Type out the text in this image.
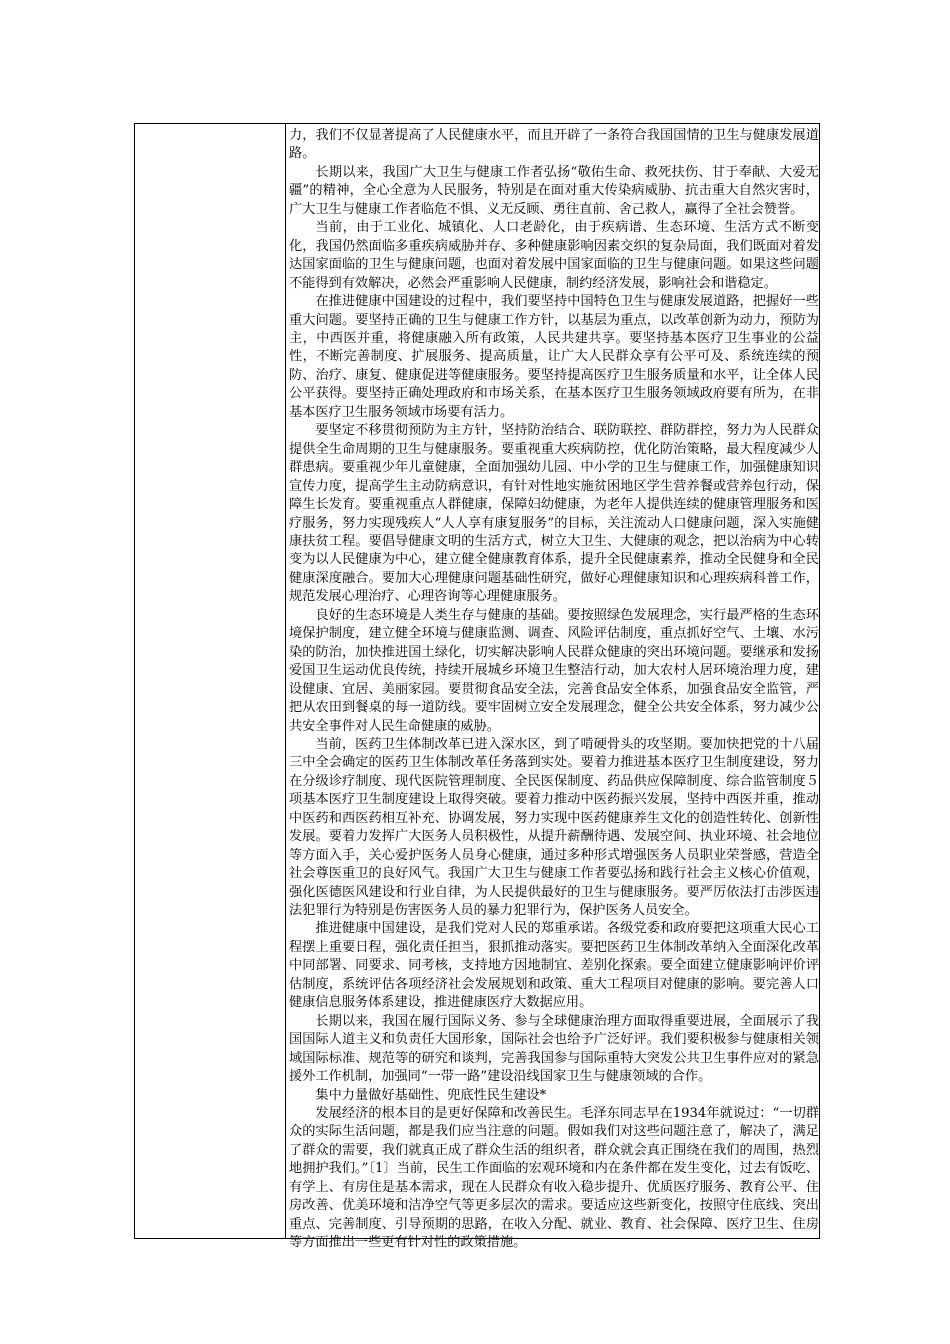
力，我们不仅显著提高了人民健康水平，而且开辟了一条符合我国国情的卫生与健康发展道路。

长期以来，我国广大卫生与健康工作者弘扬“敬佑生命、救死扶伤、甘于奉献、大爱无疆”的精神，全心全意为人民服务，特别是在面对重大传染病威胁、抗击重大自然灾害时，广大卫生与健康工作者临危不惧、义无反顾、勇往直前、舍己救人，赢得了全社会赞誉。

当前，由于工业化、城镇化、人口老龄化，由于疾病谱、生态环境、生活方式不断变化，我国仍然面临多重疾病威胁并存、多种健康影响因素交织的复杂局面，我们既面对着发达国家面临的卫生与健康问题，也面对着发展中国家面临的卫生与健康问题。如果这些问题不能得到有效解决，必然会严重影响人民健康，制约经济发展，影响社会和谐稳定。

在推进健康中国建设的过程中，我们要坚持中国特色卫生与健康发展道路，把握好一些重大问题。要坚持正确的卫生与健康工作方针，以基层为重点，以改革创新为动力，预防为主，中西医并重，将健康融入所有政策，人民共建共享。要坚持基本医疗卫生事业的公益性，不断完善制度、扩展服务、提高质量，让广大人民群众享有公平可及、系统连续的预防、治疗、康复、健康促进等健康服务。要坚持提高医疗卫生服务质量和水平，让全体人民公平获得。要坚持正确处理政府和市场关系，在基本医疗卫生服务领域政府要有所为，在非基本医疗卫生服务领域市场要有活力。

要坚定不移贯彻预防为主方针，坚持防治结合、联防联控、群防群控，努力为人民群众提供全生命周期的卫生与健康服务。要重视重大疾病防控，优化防治策略，最大程度减少人群患病。要重视少年儿童健康，全面加强幼儿园、中小学的卫生与健康工作，加强健康知识宣传力度，提高学生主动防病意识，有针对性地实施贫困地区学生营养餐或营养包行动，保障生长发育。要重视重点人群健康，保障妇幼健康，为老年人提供连续的健康管理服务和医疗服务，努力实现残疾人“人人享有康复服务”的目标，关注流动人口健康问题，深入实施健康扶贫工程。要倡导健康文明的生活方式，树立大卫生、大健康的观念，把以治病为中心转变为以人民健康为中心，建立健全健康教育体系，提升全民健康素养，推动全民健身和全民健康深度融合。要加大心理健康问题基础性研究，做好心理健康知识和心理疾病科普工作，规范发展心理治疗、心理咨询等心理健康服务。

良好的生态环境是人类生存与健康的基础。要按照绿色发展理念，实行最严格的生态环境保护制度，建立健全环境与健康监测、调查、风险评估制度，重点抓好空气、土壤、水污染的防治，加快推进国土绿化，切实解决影响人民群众健康的突出环境问题。要继承和发扬爱国卫生运动优良传统，持续开展城乡环境卫生整洁行动，加大农村人居环境治理力度，建设健康、宜居、美丽家园。要贯彻食品安全法，完善食品安全体系，加强食品安全监管，严把从农田到餐桌的每一道防线。要牢固树立安全发展理念，健全公共安全体系，努力减少公共安全事件对人民生命健康的威胁。

当前，医药卫生体制改革已进入深水区，到了啃硬骨头的攻坚期。要加快把党的十八届三中全会确定的医药卫生体制改革任务落到实处。要着力推进基本医疗卫生制度建设，努力在分级诊疗制度、现代医院管理制度、全民医保制度、药品供应保障制度、综合监管制度５项基本医疗卫生制度建设上取得突破。要着力推动中医药振兴发展，坚持中西医并重，推动中医药和西医药相互补充、协调发展，努力实现中医药健康养生文化的创造性转化、创新性发展。要着力发挥广大医务人员积极性，从提升薪酬待遇、发展空间、执业环境、社会地位等方面入手，关心爱护医务人员身心健康，通过多种形式增强医务人员职业荣誉感，营造全社会尊医重卫的良好风气。我国广大卫生与健康工作者要弘扬和践行社会主义核心价值观，强化医德医风建设和行业自律，为人民提供最好的卫生与健康服务。要严厉依法打击涉医违法犯罪行为特别是伤害医务人员的暴力犯罪行为，保护医务人员安全。

推进健康中国建设，是我们党对人民的郑重承诺。各级党委和政府要把这项重大民心工程摆上重要日程，强化责任担当，狠抓推动落实。要把医药卫生体制改革纳入全面深化改革中同部署、同要求、同考核，支持地方因地制宜、差别化探索。要全面建立健康影响评价评估制度，系统评估各项经济社会发展规划和政策、重大工程项目对健康的影响。要完善人口健康信息服务体系建设，推进健康医疗大数据应用。

长期以来，我国在履行国际义务、参与全球健康治理方面取得重要进展，全面展示了我国国际人道主义和负责任大国形象，国际社会也给予广泛好评。我们要积极参与健康相关领域国际标准、规范等的研究和谈判，完善我国参与国际重特大突发公共卫生事件应对的紧急援外工作机制，加强同“一带一路”建设沿线国家卫生与健康领域的合作。

集中力量做好基础性、兜底性民生建设*

发展经济的根本目的是更好保障和改善民生。毛泽东同志早在1934年就说过：“一切群众的实际生活问题，都是我们应当注意的问题。假如我们对这些问题注意了，解决了，满足了群众的需要，我们就真正成了群众生活的组织者，群众就会真正围绕在我们的周围，热烈地拥护我们。”〔1〕当前，民生工作面临的宏观环境和内在条件都在发生变化，过去有饭吃、有学上、有房住是基本需求，现在人民群众有收入稳步提升、优质医疗服务、教育公平、住房改善、优美环境和洁净空气等更多层次的需求。要适应这些新变化，按照守住底线、突出重点、完善制度、引导预期的思路，在收入分配、就业、教育、社会保障、医疗卫生、住房等方面推出一些更有针对性的政策措施。
